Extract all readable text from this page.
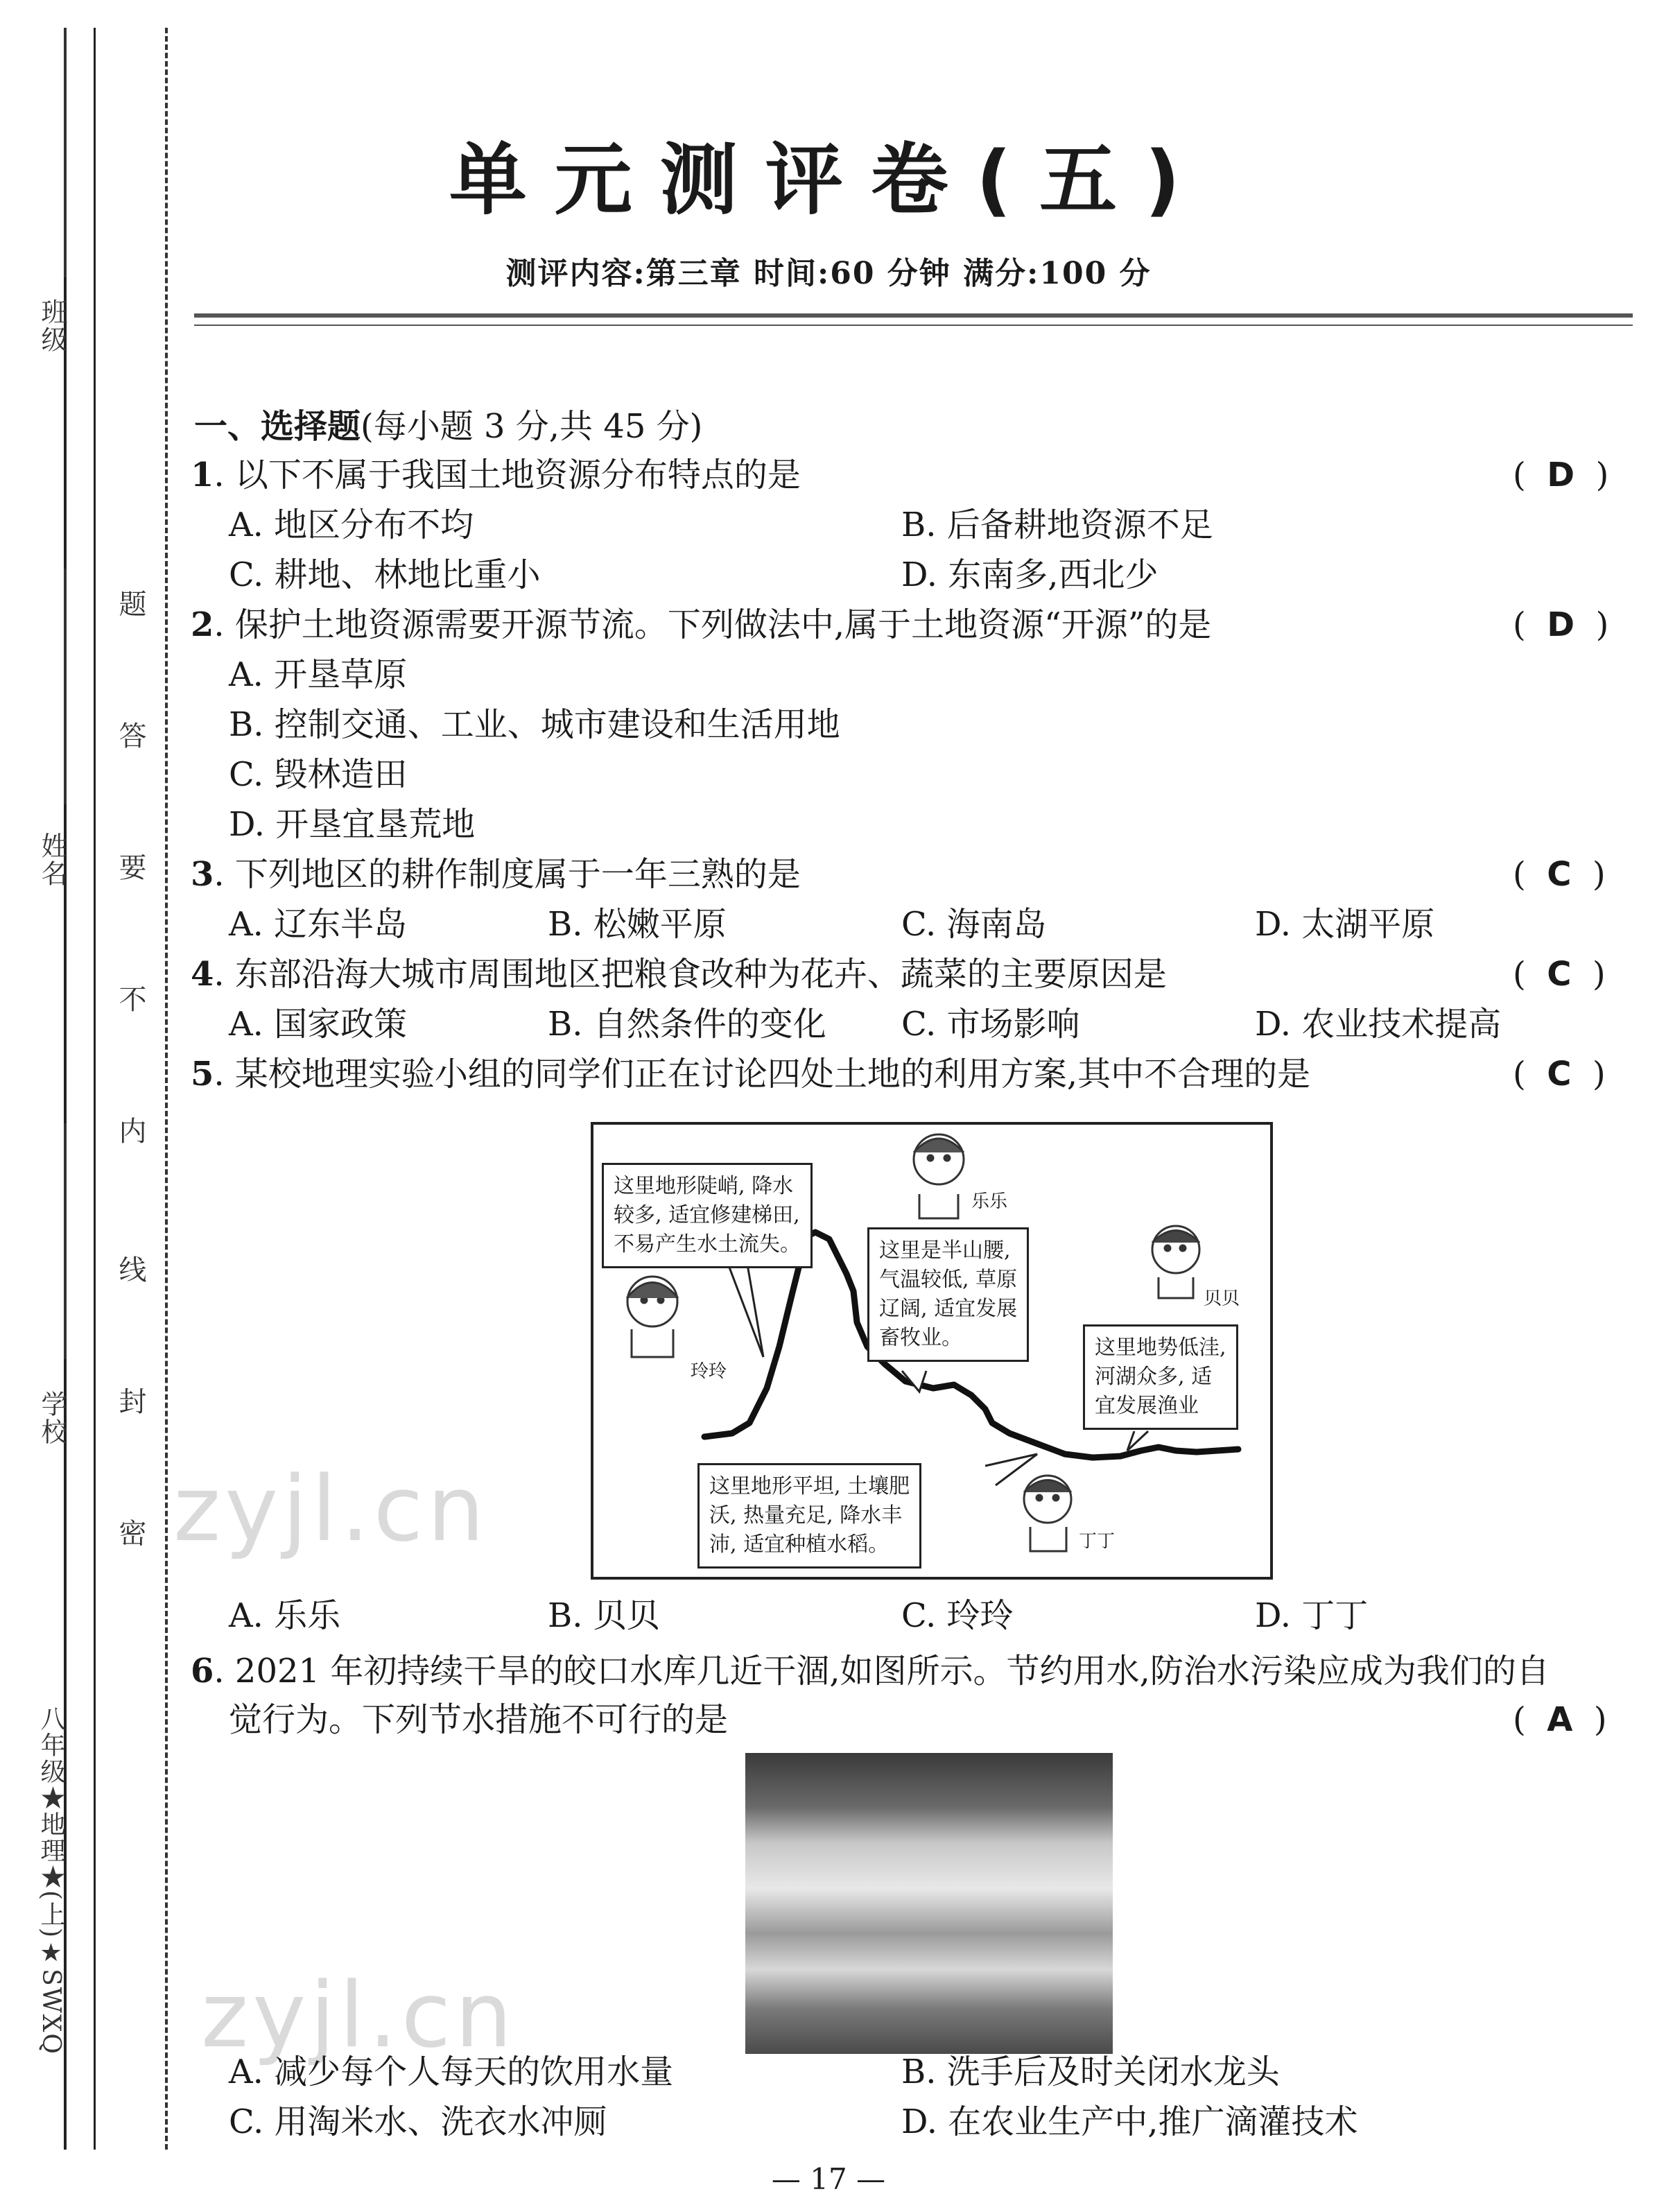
班级
姓名
学校
八年级★地理★(上)★SWXQ
题
答
要
不
内
线
封
密
单元测评卷(五)
测评内容:第三章 时间:60 分钟 满分:100 分
一、选择题(每小题 3 分,共 45 分)
1. 以下不属于我国土地资源分布特点的是	(  D  )
A. 地区分布不均	B. 后备耕地资源不足
C. 耕地、林地比重小	D. 东南多,西北少
2. 保护土地资源需要开源节流。下列做法中,属于土地资源“开源”的是	(  D  )
A. 开垦草原
B. 控制交通、工业、城市建设和生活用地
C. 毁林造田
D. 开垦宜垦荒地
3. 下列地区的耕作制度属于一年三熟的是	(  C  )
A. 辽东半岛	B. 松嫩平原	C. 海南岛	D. 太湖平原
4. 东部沿海大城市周围地区把粮食改种为花卉、蔬菜的主要原因是	(  C  )
A. 国家政策	B. 自然条件的变化 C. 市场影响	D. 农业技术提高
5. 某校地理实验小组的同学们正在讨论四处土地的利用方案,其中不合理的是	(  C  )
这里地形陡峭, 降水
较多, 适宜修建梯田,
不易产生水土流失。	这里是半山腰,
气温较低, 草原
辽阔, 适宜发展
畜牧业。	这里地势低洼,
河湖众多, 适
宜发展渔业
这里地形平坦, 土壤肥
沃, 热量充足, 降水丰
沛, 适宜种植水稻。
乐乐
贝贝
玲玲
丁丁
zyjl.cn
A. 乐乐	B. 贝贝	C. 玲玲	D. 丁丁
6. 2021 年初持续干旱的皎口水库几近干涸,如图所示。节约用水,防治水污染应成为我们的自
觉行为。下列节水措施不可行的是	(  A  )
zyjl.cn
A. 减少每个人每天的饮用水量	B. 洗手后及时关闭水龙头
C. 用淘米水、洗衣水冲厕	D. 在农业生产中,推广滴灌技术
— 17 —
